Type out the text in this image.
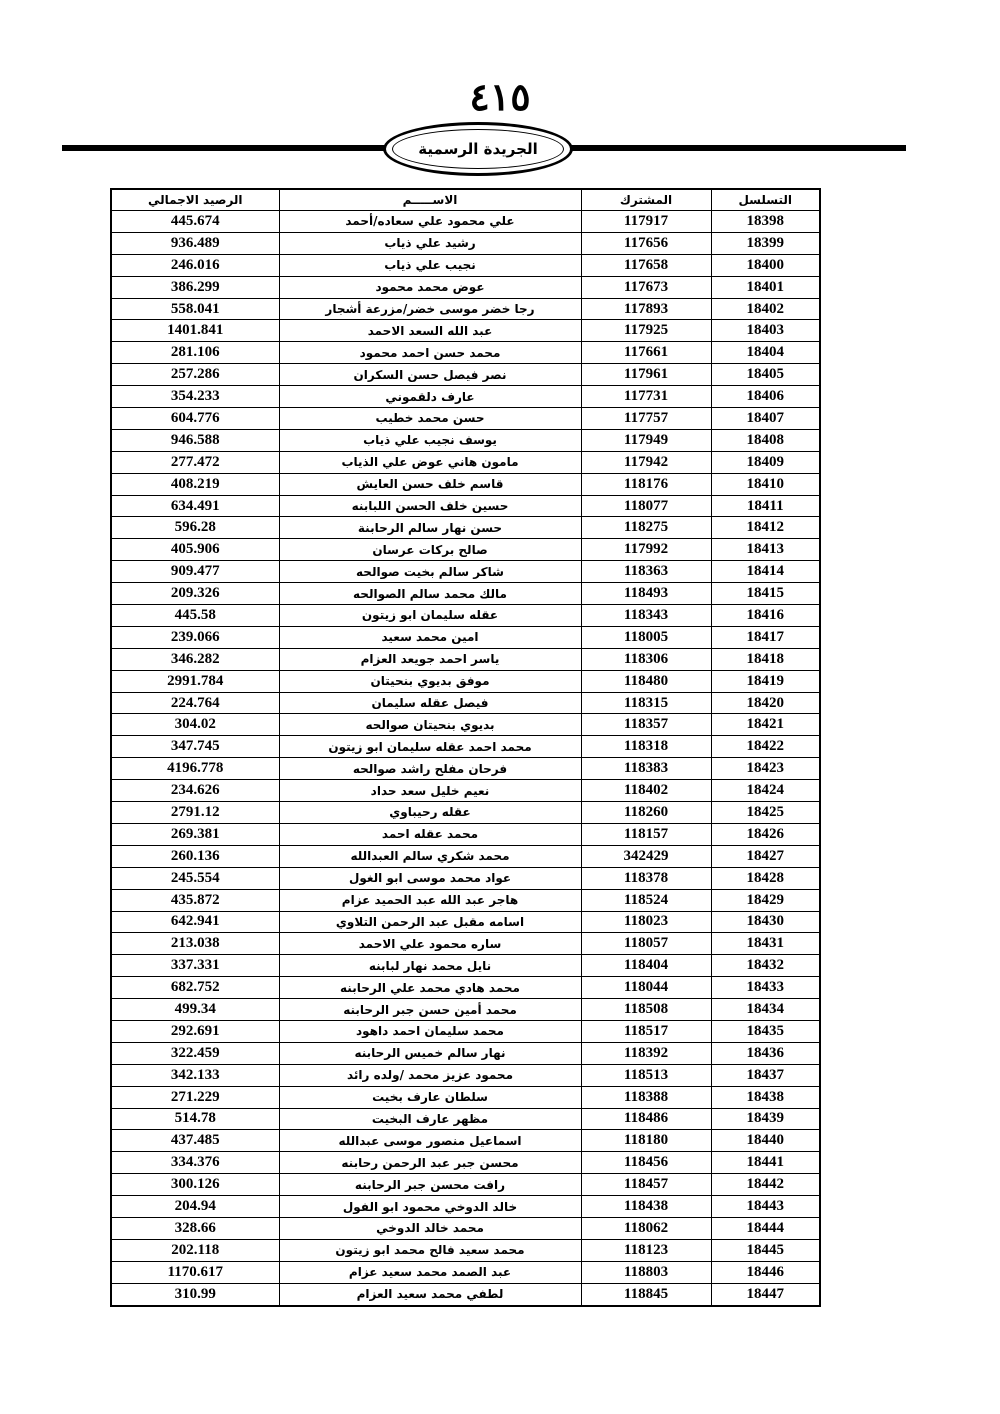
٤١٥
الجريدة الرسمية
الرصيد الاجمالي	الاســـــم	المشترك	التسلسل
445.674	علي محمود علي سعاده/أحمد	117917	18398
936.489	رشيد علي ذياب	117656	18399
246.016	نجيب علي ذياب	117658	18400
386.299	عوض محمد محمود	117673	18401
558.041	رجا خضر موسى خضر/مزرعة أشجار	117893	18402
1401.841	عبد الله السعد الاحمد	117925	18403
281.106	محمد حسن احمد محمود	117661	18404
257.286	نصر فيصل حسن السكران	117961	18405
354.233	عارف دلقموني	117731	18406
604.776	حسن محمد خطيب	117757	18407
946.588	يوسف نجيب علي ذياب	117949	18408
277.472	مامون هاني عوض علي الذياب	117942	18409
408.219	قاسم خلف حسن العايش	118176	18410
634.491	حسين خلف الحسن اللبابنه	118077	18411
596.28	حسن نهار سالم الرحابنة	118275	18412
405.906	صالح بركات عرسان	117992	18413
909.477	شاكر سالم بخيت صوالحه	118363	18414
209.326	مالك محمد سالم الصوالحه	118493	18415
445.58	عقله سليمان ابو زيتون	118343	18416
239.066	امين محمد سعيد	118005	18417
346.282	ياسر احمد جويعد العزام	118306	18418
2991.784	موفق بديوي بنحيتان	118480	18419
224.764	فيصل عقله سليمان	118315	18420
304.02	بديوي بنحيتان صوالحه	118357	18421
347.745	محمد احمد عقله سليمان ابو زيتون	118318	18422
4196.778	فرحان مفلح راشد صوالحه	118383	18423
234.626	نعيم خليل سعد حداد	118402	18424
2791.12	عقله رحيباوي	118260	18425
269.381	محمد عقله احمد	118157	18426
260.136	محمد شكري سالم العبدالله	342429	18427
245.554	عواد محمد موسى ابو الغول	118378	18428
435.872	هاجر عبد الله عبد الحميد عزام	118524	18429
642.941	اسامه مقبل عبد الرحمن التلاوي	118023	18430
213.038	ساره محمود علي الاحمد	118057	18431
337.331	نايل محمد نهار لبابنه	118404	18432
682.752	محمد هادي محمد علي الرحابنه	118044	18433
499.34	محمد أمين حسن جبر الرحابنه	118508	18434
292.691	محمد سليمان احمد داهود	118517	18435
322.459	نهار سالم خميس الرحابنه	118392	18436
342.133	محمود عزيز محمد /ولده رائد	118513	18437
271.229	سلطان عارف بخيت	118388	18438
514.78	مظهر عارف البخيت	118486	18439
437.485	اسماعيل منصور موسى عبدالله	118180	18440
334.376	محسن جبر عبد الرحمن رحابنه	118456	18441
300.126	رافت محسن جبر الرحابنه	118457	18442
204.94	خالد الدوخي محمود ابو الفول	118438	18443
328.66	محمد خالد الدوخي	118062	18444
202.118	محمد سعيد فالح محمد ابو زيتون	118123	18445
1170.617	عبد الصمد محمد سعيد عزام	118803	18446
310.99	لطفي محمد سعيد العزام	118845	18447
